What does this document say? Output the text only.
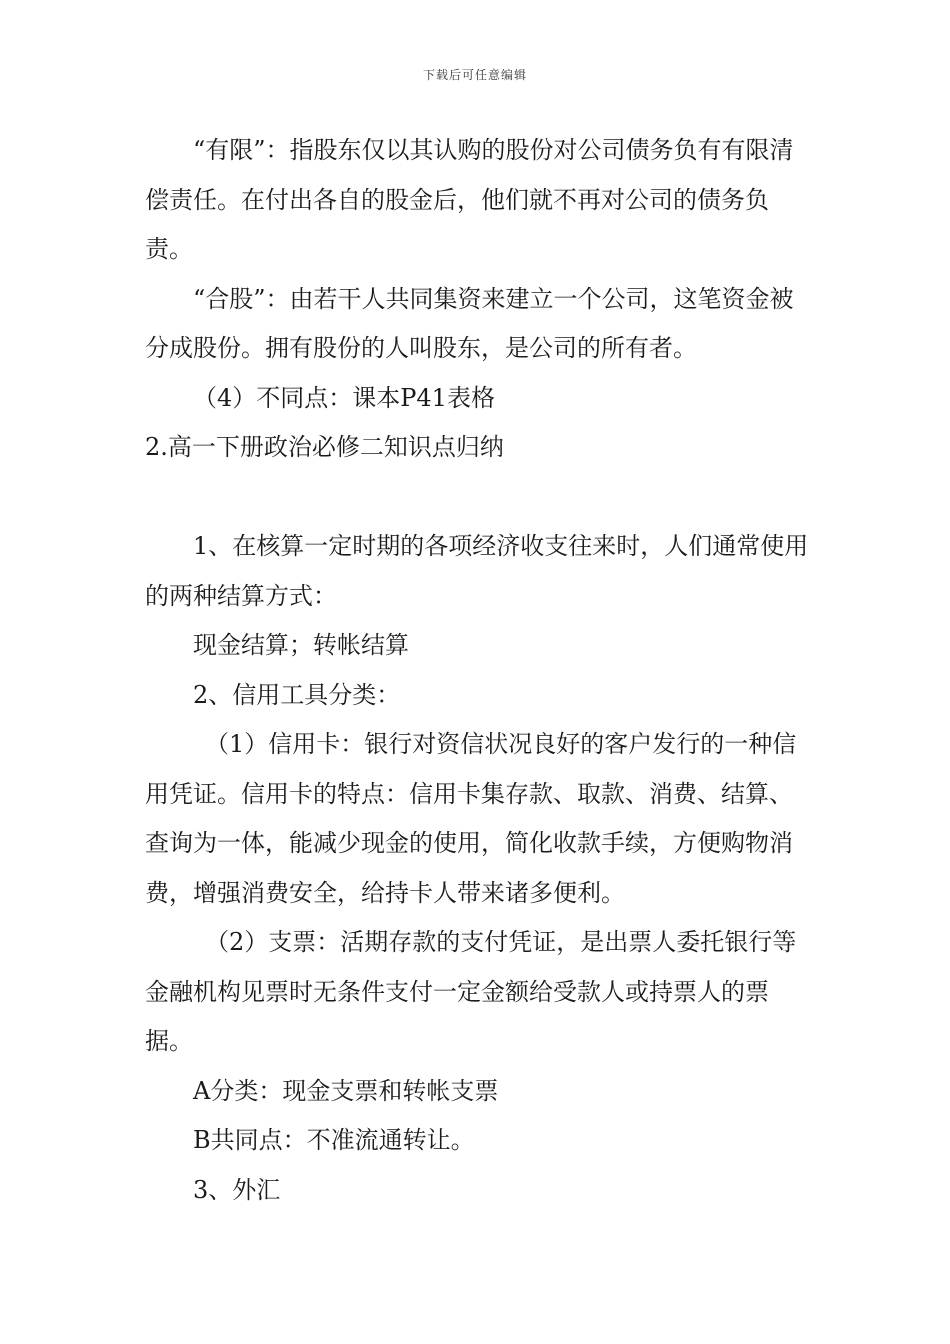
下载后可任意编辑

“有限”：指股东仅以其认购的股份对公司债务负有有限清偿责任。在付出各自的股金后，他们就不再对公司的债务负责。

“合股”：由若干人共同集资来建立一个公司，这笔资金被分成股份。拥有股份的人叫股东，是公司的所有者。

（4）不同点：课本P41表格

2.高一下册政治必修二知识点归纳

1、在核算一定时期的各项经济收支往来时，人们通常使用的两种结算方式：

现金结算；转帐结算

2、信用工具分类：

（1）信用卡：银行对资信状况良好的客户发行的一种信用凭证。信用卡的特点：信用卡集存款、取款、消费、结算、查询为一体，能减少现金的使用，简化收款手续，方便购物消费，增强消费安全，给持卡人带来诸多便利。

（2）支票：活期存款的支付凭证，是出票人委托银行等金融机构见票时无条件支付一定金额给受款人或持票人的票据。

A分类：现金支票和转帐支票

B共同点：不准流通转让。

3、外汇
